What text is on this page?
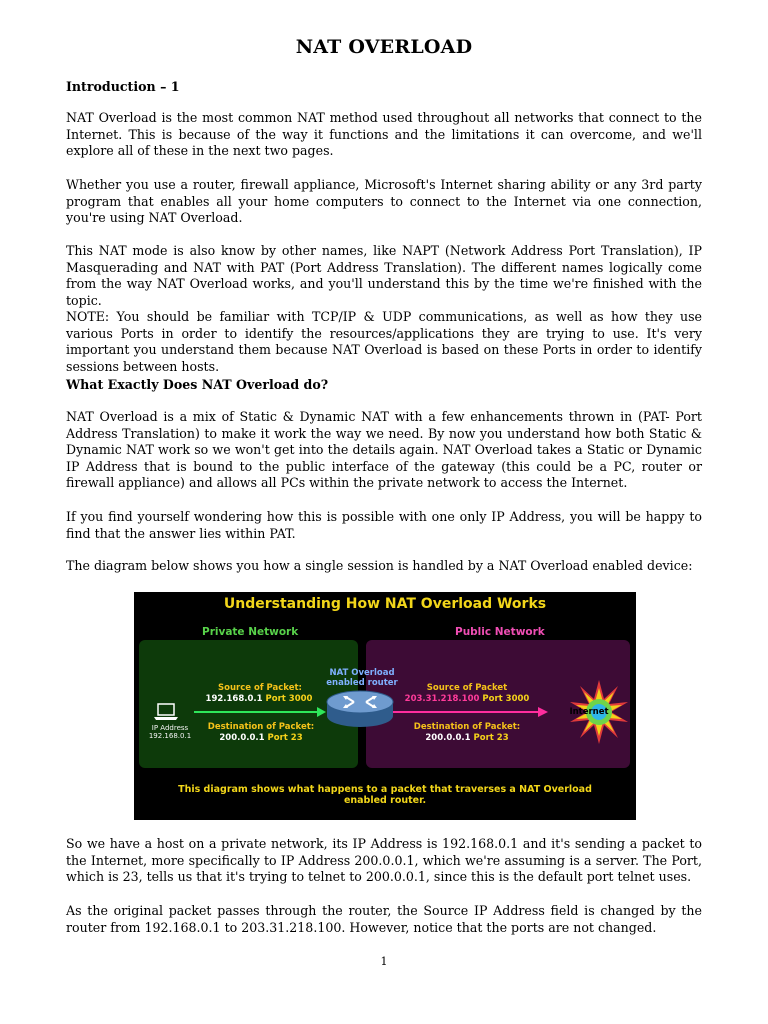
NAT OVERLOAD
Introduction – 1
NAT Overload is the most common NAT method used throughout all networks that connect to the Internet. This is because of the way it functions and the limitations it can overcome, and we'll explore all of these in the next two pages.
Whether you use a router, firewall appliance, Microsoft's Internet sharing ability or any 3rd party program that enables all your home computers to connect to the Internet via one connection, you're using NAT Overload.
This NAT mode is also know by other names, like NAPT (Network Address Port Translation), IP Masquerading and NAT with PAT (Port Address Translation). The different names logically come from the way NAT Overload works, and you'll understand this by the time we're finished with the topic.
NOTE: You should be familiar with TCP/IP & UDP communications, as well as how they use various Ports in order to identify the resources/applications they are trying to use. It's very important you understand them because NAT Overload is based on these Ports in order to identify sessions between hosts.
What Exactly Does NAT Overload do?
NAT Overload is a mix of Static & Dynamic NAT with a few enhancements thrown in (PAT- Port Address Translation) to make it work the way we need. By now you understand how both Static & Dynamic NAT work so we won't get into the details again. NAT Overload takes a Static or Dynamic IP Address that is bound to the public interface of the gateway (this could be a PC, router or firewall appliance) and allows all PCs within the private network to access the Internet.
If you find yourself wondering how this is possible with one only IP Address, you will be happy to find that the answer lies within PAT.
The diagram below shows you how a single session is handled by a NAT Overload enabled device:
So we have a host on a private network, its IP Address is 192.168.0.1 and it's sending a packet to the Internet, more specifically to IP Address 200.0.0.1, which we're assuming is a server. The Port, which is 23, tells us that it's trying to telnet to 200.0.0.1, since this is the default port telnet uses.
As the original packet passes through the router, the Source IP Address field is changed by the router from 192.168.0.1 to 203.31.218.100. However, notice that the ports are not changed.
1
Understanding How NAT Overload Works
Private Network	Public Network
IP Address
192.168.0.1
Source of Packet:
192.168.0.1 Port 3000
Destination of Packet:
200.0.0.1 Port 23
NAT Overload
enabled router	Source of Packet
203.31.218.100 Port 3000
Destination of Packet:
200.0.0.1 Port 23
Internet
This diagram shows what happens to a packet that traverses a NAT Overload
enabled router.
